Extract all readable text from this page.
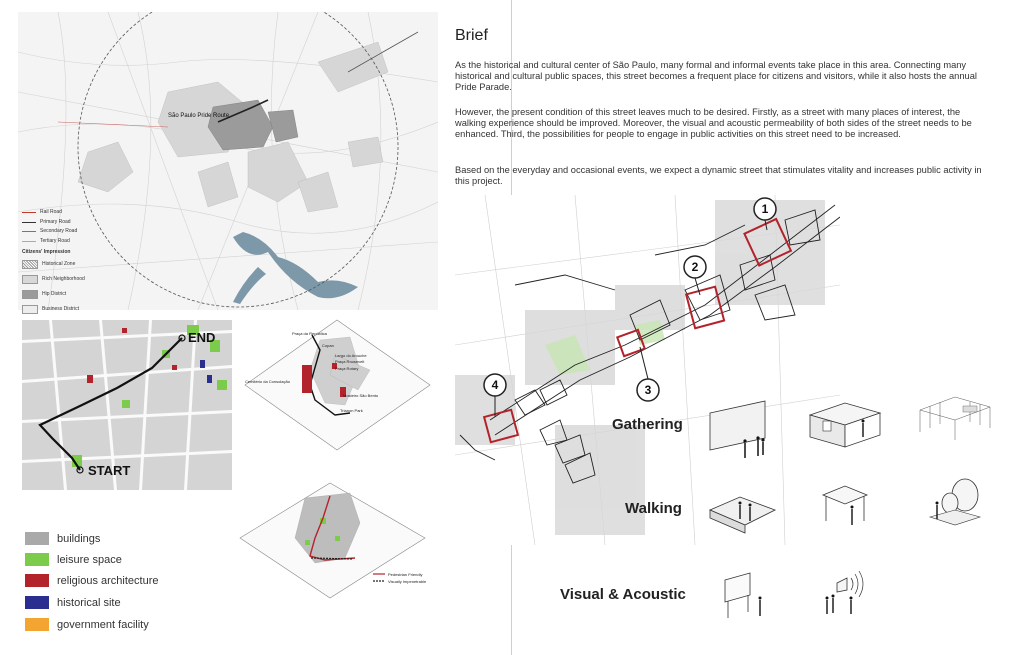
São Paulo Pride Route
Rail Road
Primary Road
Secondary Road
Tertiary Road
Citizens' Impression
Historical Zone
Rich Neighborhood
Hip District
Business District
END
START
buildings
leisure space
religious architecture
historical site
government facility
Praça da República
Copan
Largo do Arouche
Praça Roosevelt
Cemitério da Consolação
Praça Rotary
Mosteiro São Bento
Trianon Park
Pedestrian Friendly
Visually Impenetrable
Brief
As the historical and cultural center of São Paulo, many formal and informal events take place in this area. Connecting many historical and cultural public spaces, this street becomes a frequent place for citizens and visitors, while it also hosts the annual Pride Parade.
However, the present condition of this street leaves much to be desired. Firstly, as a street with many places of interest, the walking experience should be improved. Moreover, the visual and acoustic permeability of both sides of the street needs to be enhanced. Third, the possibilities for people to engage in public activities on this street need to be increased.
Based on the everyday and occasional events, we expect a dynamic street that stimulates vitality and increases public activity in this project.
4	3
2
1
Gathering
Walking
Visual & Acoustic
